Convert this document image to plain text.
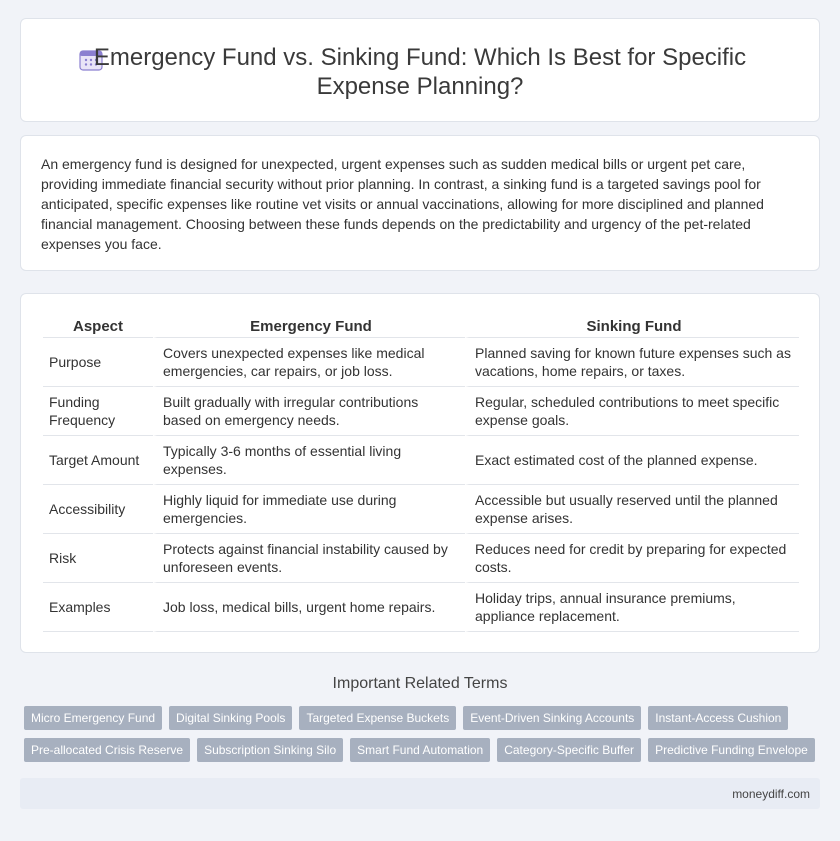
Emergency Fund vs. Sinking Fund: Which Is Best for Specific Expense Planning?

An emergency fund is designed for unexpected, urgent expenses such as sudden medical bills or urgent pet care, providing immediate financial security without prior planning. In contrast, a sinking fund is a targeted savings pool for anticipated, specific expenses like routine vet visits or annual vaccinations, allowing for more disciplined and planned financial management. Choosing between these funds depends on the predictability and urgency of the pet-related expenses you face.

Aspect	Emergency Fund	Sinking Fund
Purpose	Covers unexpected expenses like medical emergencies, car repairs, or job loss.	Planned saving for known future expenses such as vacations, home repairs, or taxes.
Funding Frequency	Built gradually with irregular contributions based on emergency needs.	Regular, scheduled contributions to meet specific expense goals.
Target Amount	Typically 3-6 months of essential living expenses.	Exact estimated cost of the planned expense.
Accessibility	Highly liquid for immediate use during emergencies.	Accessible but usually reserved until the planned expense arises.
Risk	Protects against financial instability caused by unforeseen events.	Reduces need for credit by preparing for expected costs.
Examples	Job loss, medical bills, urgent home repairs.	Holiday trips, annual insurance premiums, appliance replacement.
Important Related Terms
Micro Emergency Fund	Digital Sinking Pools	Targeted Expense Buckets	Event-Driven Sinking Accounts	Instant-Access Cushion
Pre-allocated Crisis Reserve	Subscription Sinking Silo	Smart Fund Automation	Category-Specific Buffer	Predictive Funding Envelope
moneydiff.com
